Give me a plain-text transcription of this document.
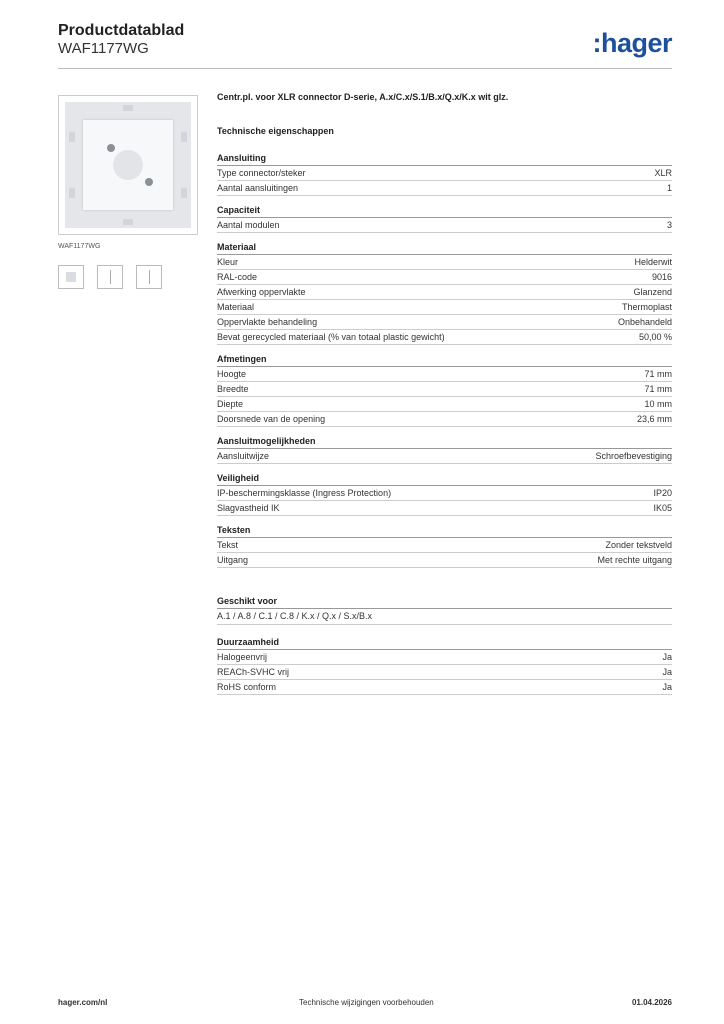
Productdatablad
WAF1177WG	:hager
WAF1177WG
Centr.pl. voor XLR connector D-serie, A.x/C.x/S.1/B.x/Q.x/K.x wit glz.
Technische eigenschappen
Aansluiting
Type connector/steker	XLR
Aantal aansluitingen	1
Capaciteit
Aantal modulen	3
Materiaal
Kleur	Helderwit
RAL-code	9016
Afwerking oppervlakte	Glanzend
Materiaal	Thermoplast
Oppervlakte behandeling	Onbehandeld
Bevat gerecycled materiaal (% van totaal plastic gewicht)	50,00 %
Afmetingen
Hoogte	71 mm
Breedte	71 mm
Diepte	10 mm
Doorsnede van de opening	23,6 mm
Aansluitmogelijkheden
Aansluitwijze	Schroefbevestiging
Veiligheid
IP-beschermingsklasse (Ingress Protection)	IP20
Slagvastheid IK	IK05
Teksten
Tekst	Zonder tekstveld
Uitgang	Met rechte uitgang
Geschikt voor
A.1 / A.8 / C.1 / C.8 / K.x / Q.x / S.x/B.x
Duurzaamheid
Halogeenvrij	Ja
REACh-SVHC vrij	Ja
RoHS conform	Ja
hager.com/nl	Technische wijzigingen voorbehouden	01.04.2026
